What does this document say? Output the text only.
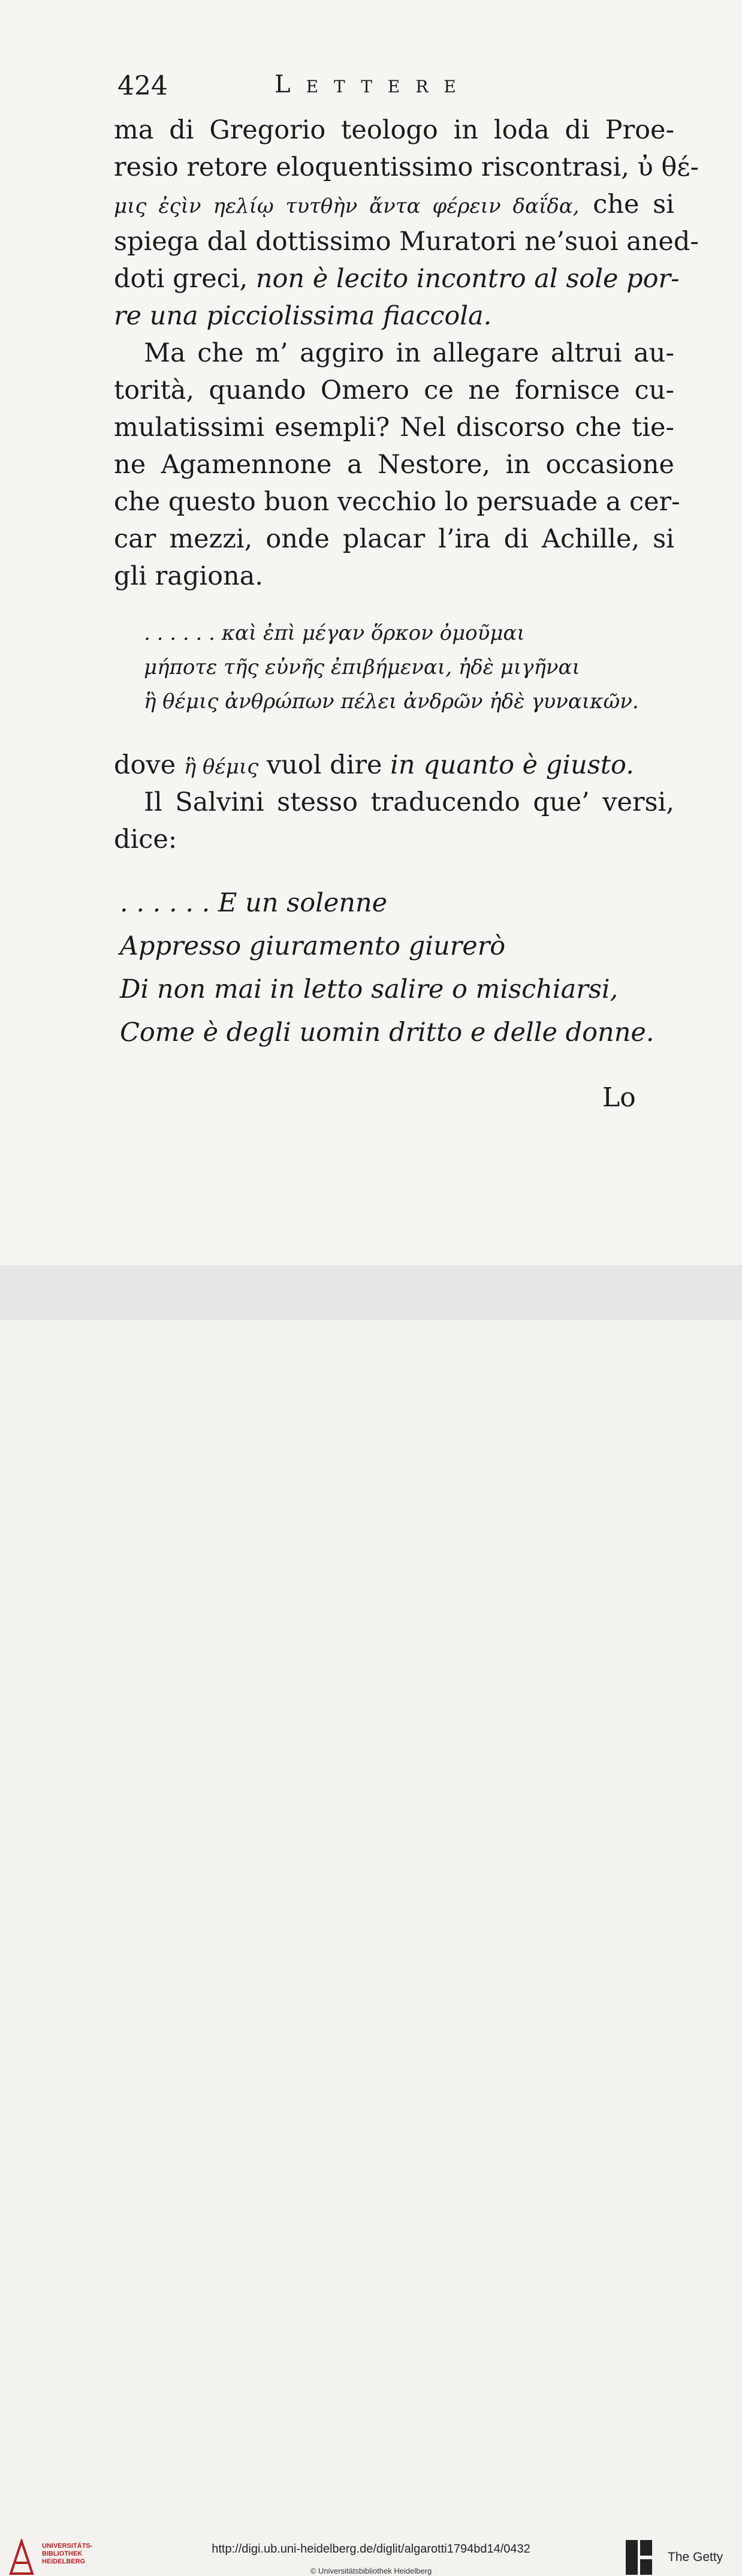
424	Lettere
ma di Gregorio teologo in loda di Proe-
resio retore eloquentissimo riscontrasi, ὐ θέ-
μις ἐςὶν ηελίῳ τυτθὴν ἄντα φέρειν δαΐδα, che si
spiega dal dottissimo Muratori ne’suoi aned-
doti greci, non è lecito incontro al sole por-
re una picciolissima fiaccola.
Ma che m’ aggiro in allegare altrui au-
torità, quando Omero ce ne fornisce cu-
mulatissimi esempli? Nel discorso che tie-
ne Agamennone a Nestore, in occasione
che questo buon vecchio lo persuade a cer-
car mezzi, onde placar l’ira di Achille, si
gli ragiona.
. . . . . . καὶ ἐπὶ μέγαν ὅρκον ὀμοῦμαι
μήποτε τῆς εὐνῆς ἐπιβήμεναι, ἠδὲ μιγῆναι
ἣ θέμις ἀνθρώπων πέλει ἀνδρῶν ἠδὲ γυναικῶν.
dove ἣ θέμις vuol dire in quanto è giusto.
Il Salvini stesso traducendo que’ versi,
dice:
. . . . . . E un solenne
Appresso giuramento giurerò
Di non mai in letto salire o mischiarsi,
Come è degli uomin dritto e delle donne.
Lo
UNIVERSITÄTS-BIBLIOTHEK HEIDELBERG
http://digi.ub.uni-heidelberg.de/diglit/algarotti1794bd14/0432
© Universitätsbibliothek Heidelberg
The Getty
